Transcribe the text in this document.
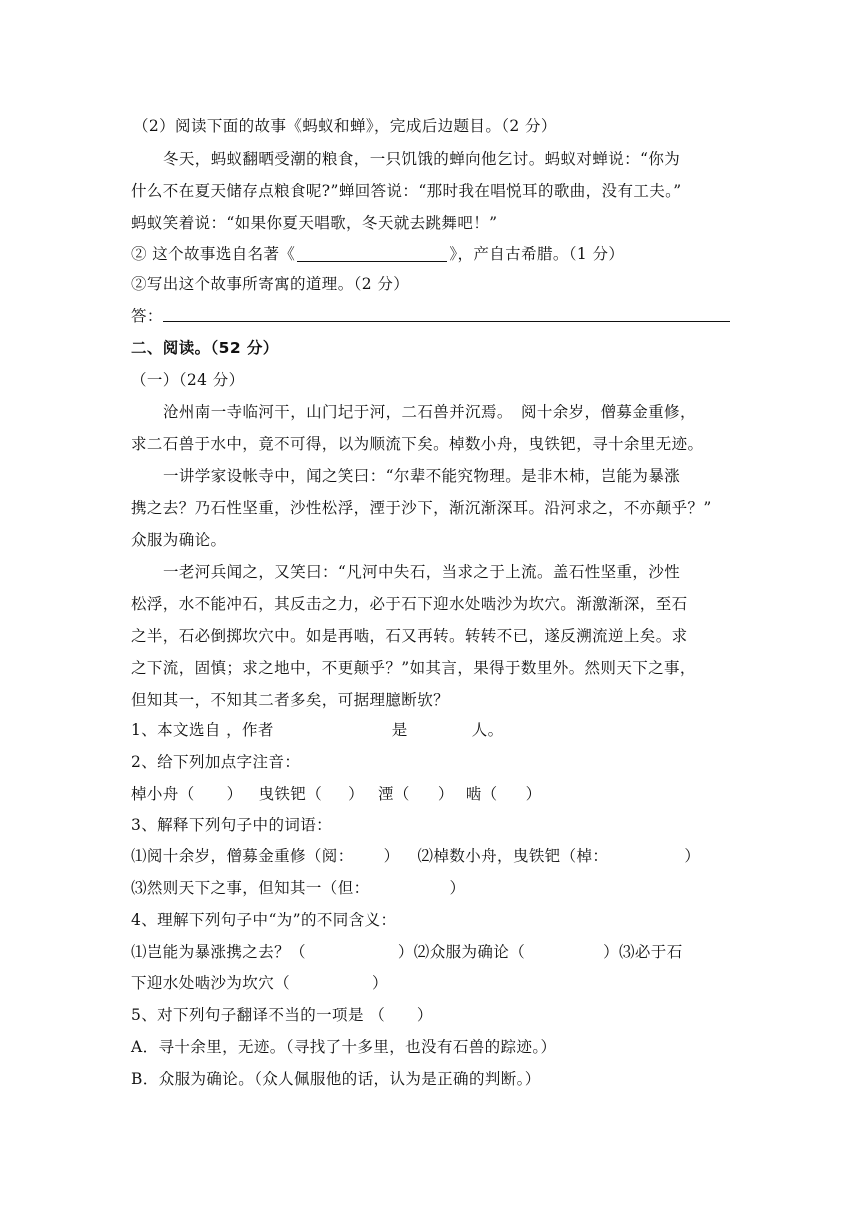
（2）阅读下面的故事《蚂蚁和蝉》，完成后边题目。（2 分）
冬天，蚂蚁翻晒受潮的粮食，一只饥饿的蝉向他乞讨。蚂蚁对蝉说：“你为
什么不在夏天储存点粮食呢?”蝉回答说：“那时我在唱悦耳的歌曲，没有工夫。”
蚂蚁笑着说：“如果你夏天唱歌，冬天就去跳舞吧！”
② 这个故事选自名著《	》，产自古希腊。（1 分）
②写出这个故事所寄寓的道理。（2 分）
答：
二、阅读。（52 分）
（一）（24 分）
沧州南一寺临河干，山门圮于河，二石兽并沉焉。　阅十余岁，僧募金重修，
求二石兽于水中，竟不可得，以为顺流下矣。棹数小舟，曳铁钯，寻十余里无迹。
一讲学家设帐寺中，闻之笑曰：“尔辈不能究物理。是非木杮，岂能为暴涨
携之去？乃石性坚重，沙性松浮，湮于沙下，渐沉渐深耳。沿河求之，不亦颠乎？”
众服为确论。
一老河兵闻之，又笑曰：“凡河中失石，当求之于上流。盖石性坚重，沙性
松浮，水不能冲石，其反击之力，必于石下迎水处啮沙为坎穴。渐激渐深，至石
之半，石必倒掷坎穴中。如是再啮，石又再转。转转不已，遂反溯流逆上矣。求
之下流，固慎；求之地中，不更颠乎？”如其言，果得于数里外。然则天下之事，
但知其一，不知其二者多矣，可据理臆断欤？
1、本文选自 ，作者	是	人。
2、给下列加点字注音：
棹小舟（ ） 曳铁钯（ ） 湮（ ） 啮（ ）
3、解释下列句子中的词语：
⑴阅十余岁，僧募金重修（阅： ） ⑵棹数小舟，曳铁钯（棹：	）
⑶然则天下之事，但知其一（但：	）
4、理解下列句子中“为”的不同含义：
⑴岂能为暴涨携之去？（	）⑵众服为确论（	）⑶必于石
下迎水处啮沙为坎穴（	）
5、对下列句子翻译不当的一项是 （　　）
A．寻十余里，无迹。（寻找了十多里，也没有石兽的踪迹。）
B．众服为确论。（众人佩服他的话，认为是正确的判断。）
